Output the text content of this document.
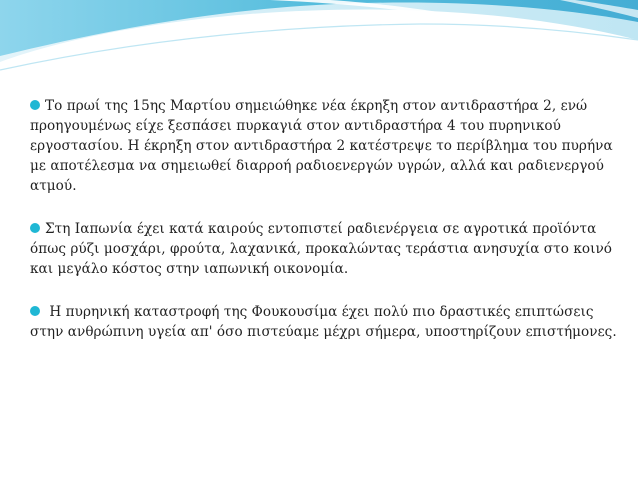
Το πρωί της 15ης Μαρτίου σημειώθηκε νέα έκρηξη στον αντιδραστήρα 2, ενώ προηγουμένως είχε ξεσπάσει πυρκαγιά στον αντιδραστήρα 4 του πυρηνικού εργοστασίου. Η έκρηξη στον αντιδραστήρα 2 κατέστρεψε το περίβλημα του πυρήνα με αποτέλεσμα να σημειωθεί διαρροή ραδιοενεργών υγρών, αλλά και ραδιενεργού ατμού.

Στη Ιαπωνία έχει κατά καιρούς εντοπιστεί ραδιενέργεια σε αγροτικά προϊόντα όπως ρύζι μοσχάρι, φρούτα, λαχανικά, προκαλώντας τεράστια ανησυχία στο κοινό και μεγάλο κόστος στην ιαπωνική οικονομία.

Η πυρηνική καταστροφή της Φουκουσίμα έχει πολύ πιο δραστικές επιπτώσεις στην ανθρώπινη υγεία απ' όσο πιστεύαμε μέχρι σήμερα, υποστηρίζουν επιστήμονες.
